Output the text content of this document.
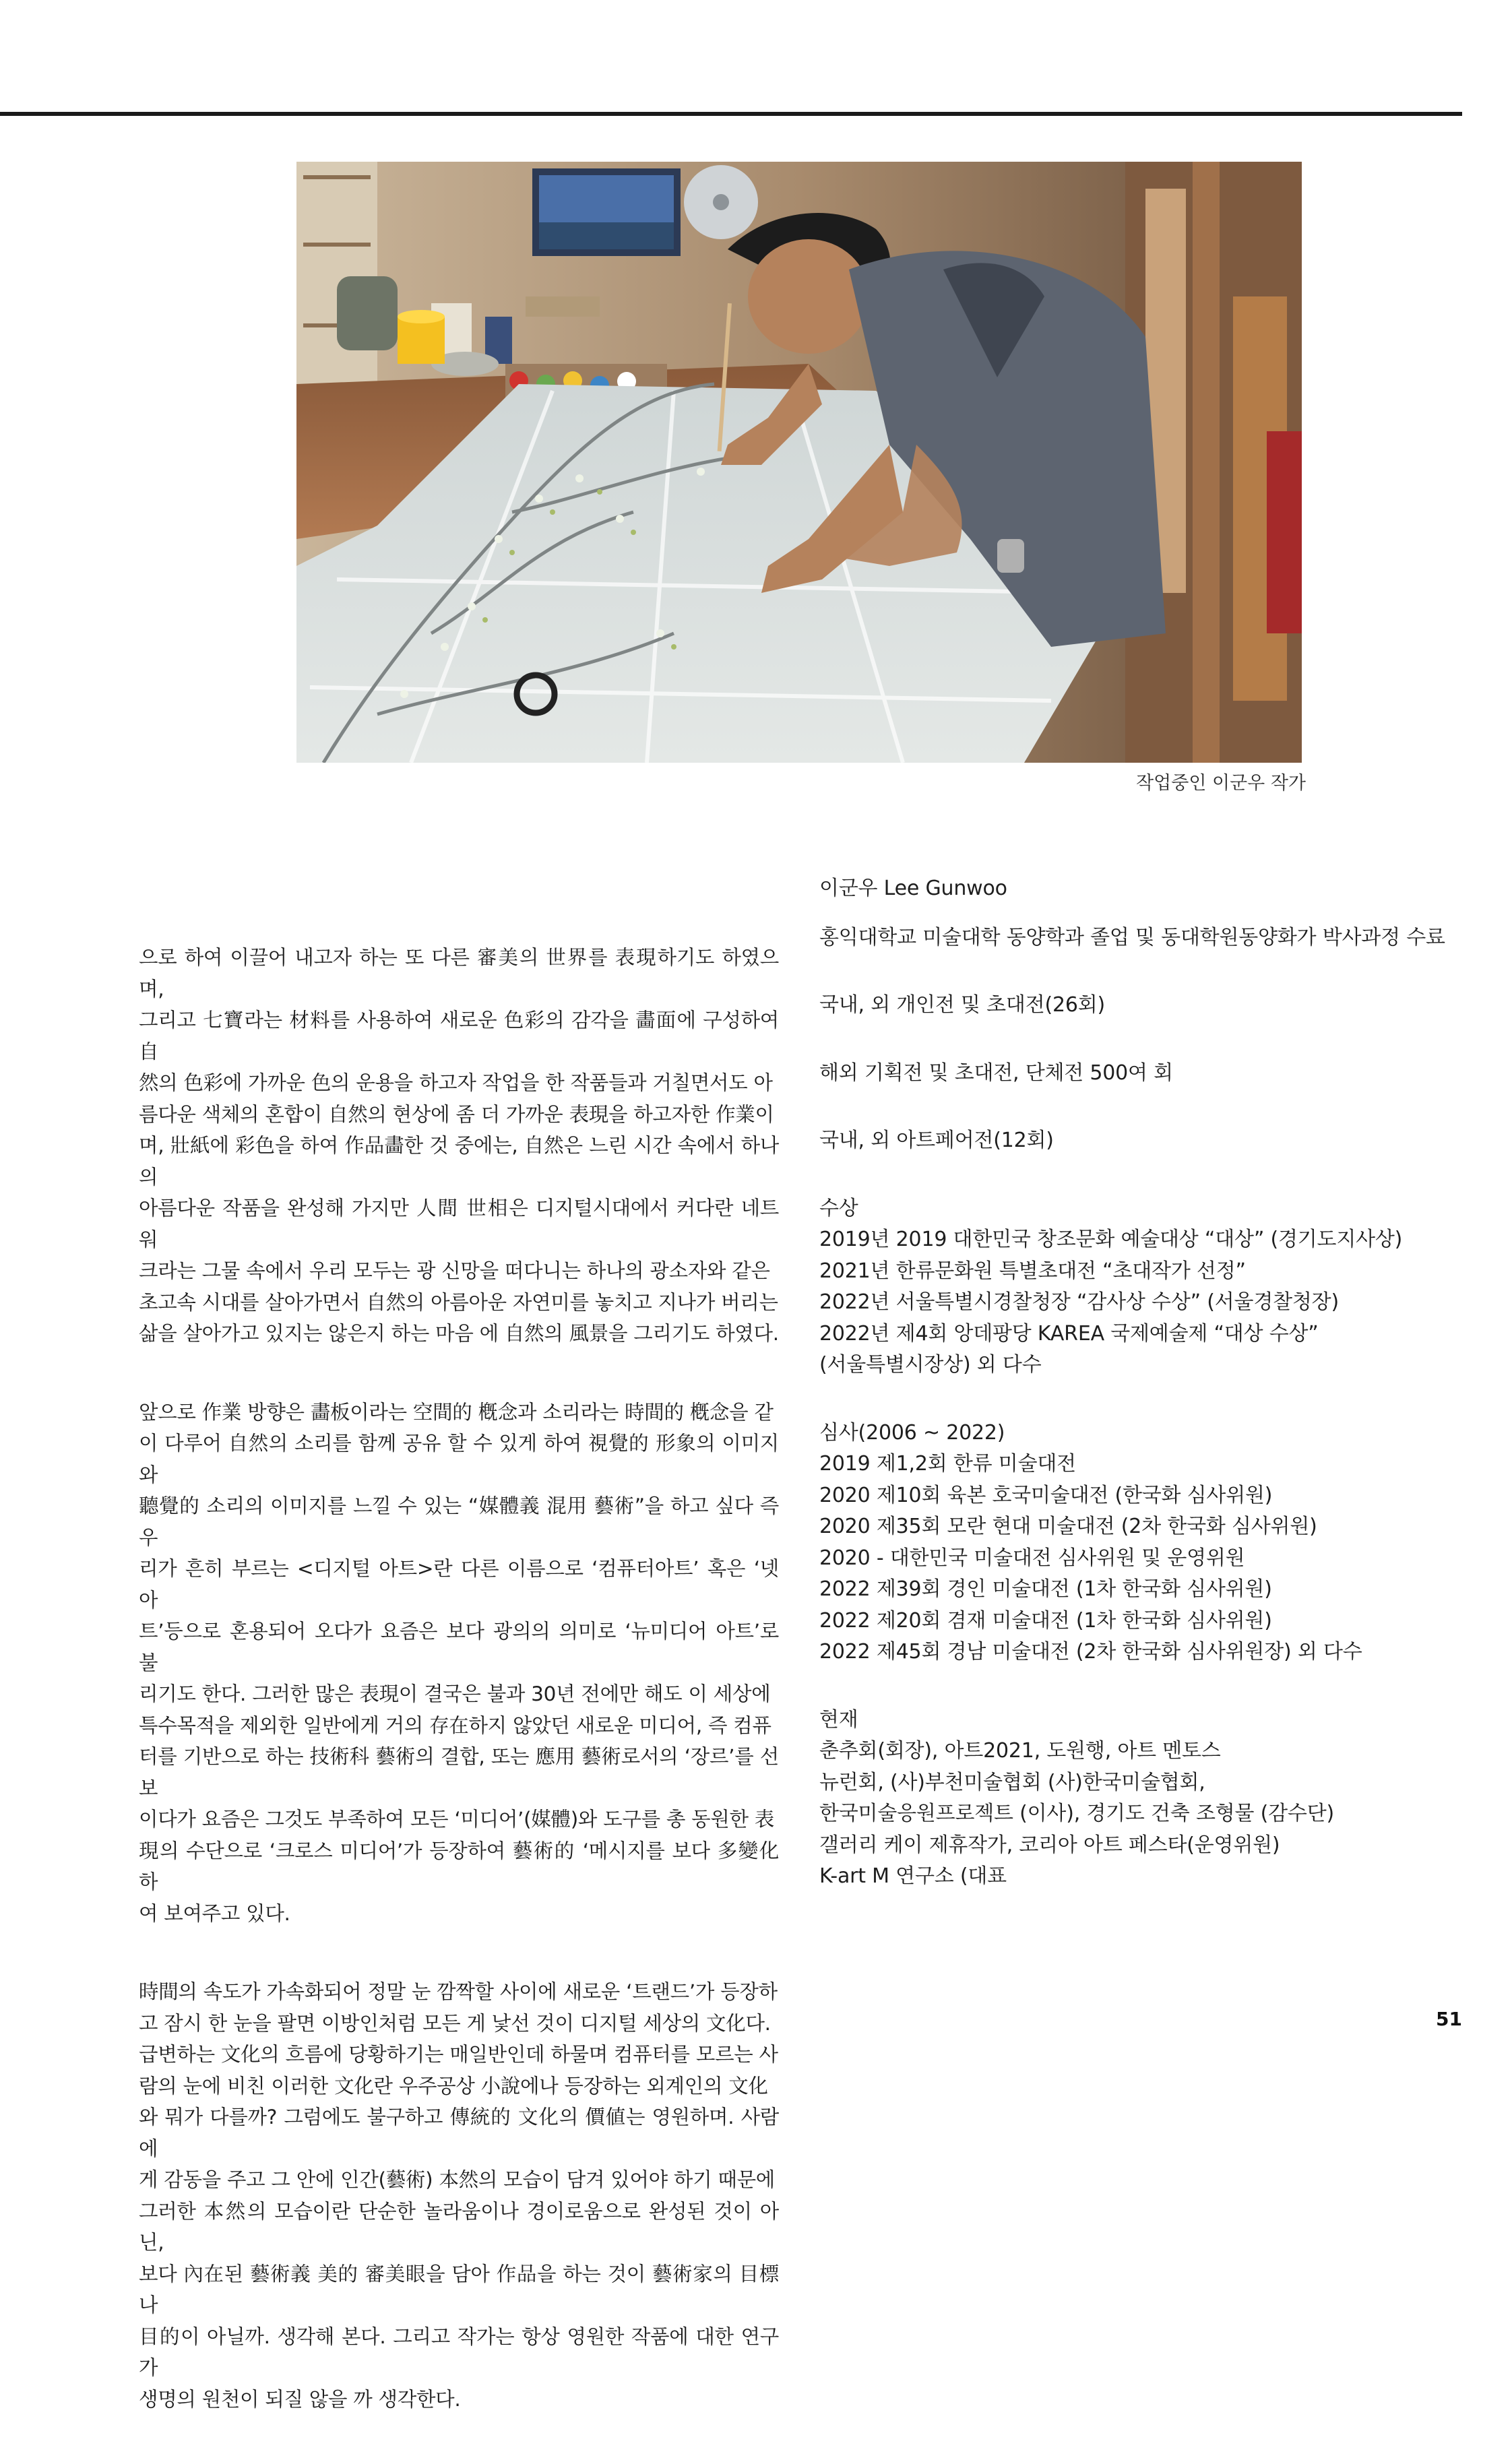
작업중인 이군우 작가

으로 하여 이끌어 내고자 하는 또 다른 審美의 世界를 表現하기도 하였으며,
그리고 七寶라는 材料를 사용하여 새로운 色彩의 감각을 畵面에 구성하여 自
然의 色彩에 가까운 色의 운용을 하고자 작업을 한 작품들과 거칠면서도 아
름다운 색체의 혼합이 自然의 현상에 좀 더 가까운 表現을 하고자한 作業이
며, 壯紙에 彩色을 하여 作品畵한 것 중에는, 自然은 느린 시간 속에서 하나의
아름다운 작품을 완성해 가지만 人間 世相은 디지털시대에서 커다란 네트워
크라는 그물 속에서 우리 모두는 광 신망을 떠다니는 하나의 광소자와 같은
초고속 시대를 살아가면서 自然의 아름아운 자연미를 놓치고 지나가 버리는
삶을 살아가고 있지는 않은지 하는 마음 에 自然의 風景을 그리기도 하였다.

앞으로 作業 방향은 畵板이라는 空間的 槪念과 소리라는 時間的 槪念을 같
이 다루어 自然의 소리를 함께 공유 할 수 있게 하여 視覺的 形象의 이미지와
聽覺的 소리의 이미지를 느낄 수 있는 “媒體義 混用 藝術”을 하고 싶다 즉 우
리가 흔히 부르는 <디지털 아트>란 다른 이름으로 ‘컴퓨터아트’ 혹은 ‘넷 아
트’등으로 혼용되어 오다가 요즘은 보다 광의의 의미로 ‘뉴미디어 아트’로 불
리기도 한다. 그러한 많은 表現이 결국은 불과 30년 전에만 해도 이 세상에
특수목적을 제외한 일반에게 거의 存在하지 않았던 새로운 미디어, 즉 컴퓨
터를 기반으로 하는 技術科 藝術의 결합, 또는 應用 藝術로서의 ‘장르’를 선보
이다가 요즘은 그것도 부족하여 모든 ‘미디어’(媒體)와 도구를 총 동원한 表
現의 수단으로 ‘크로스 미디어’가 등장하여 藝術的 ‘메시지를 보다 多變化하
여 보여주고 있다.

時間의 속도가 가속화되어 정말 눈 깜짝할 사이에 새로운 ‘트랜드’가 등장하
고 잠시 한 눈을 팔면 이방인처럼 모든 게 낯선 것이 디지털 세상의 文化다.
급변하는 文化의 흐름에 당황하기는 매일반인데 하물며 컴퓨터를 모르는 사
람의 눈에 비친 이러한 文化란 우주공상 小說에나 등장하는 외계인의 文化
와 뭐가 다를까? 그럼에도 불구하고 傳統的 文化의 價値는 영원하며. 사람에
게 감동을 주고 그 안에 인간(藝術) 本然의 모습이 담겨 있어야 하기 때문에
그러한 本然의 모습이란 단순한 놀라움이나 경이로움으로 완성된 것이 아닌,
보다 內在된 藝術義 美的 審美眼을 담아 作品을 하는 것이 藝術家의 目標나
目的이 아닐까. 생각해 본다. 그리고 작가는 항상 영원한 작품에 대한 연구가
생명의 원천이 되질 않을 까 생각한다.

이군우 Lee Gunwoo
홍익대학교 미술대학 동양학과 졸업 및 동대학원동양화가 박사과정 수료
국내, 외 개인전 및 초대전(26회)
해외 기획전 및 초대전, 단체전 500여 회
국내, 외 아트페어전(12회)
수상
2019년 2019 대한민국 창조문화 예술대상 “대상” (경기도지사상)
2021년 한류문화원 특별초대전 “초대작가 선정”
2022년 서울특별시경찰청장 “감사상 수상” (서울경찰청장)
2022년 제4회 앙데팡당 KAREA 국제예술제 “대상 수상”
(서울특별시장상) 외 다수
심사(2006 ~ 2022)
2019 제1,2회 한류 미술대전
2020 제10회 육본 호국미술대전 (한국화 심사위원)
2020 제35회 모란 현대 미술대전 (2차 한국화 심사위원)
2020 - 대한민국 미술대전 심사위원 및 운영위원
2022 제39회 경인 미술대전 (1차 한국화 심사위원)
2022 제20회 겸재 미술대전 (1차 한국화 심사위원)
2022 제45회 경남 미술대전 (2차 한국화 심사위원장) 외 다수
현재
춘추회(회장), 아트2021, 도원행, 아트 멘토스
뉴런회, (사)부천미술협회 (사)한국미술협회,
한국미술응원프로젝트 (이사), 경기도 건축 조형물 (감수단)
갤러리 케이 제휴작가, 코리아 아트 페스타(운영위원)
K-art M 연구소 (대표
51
